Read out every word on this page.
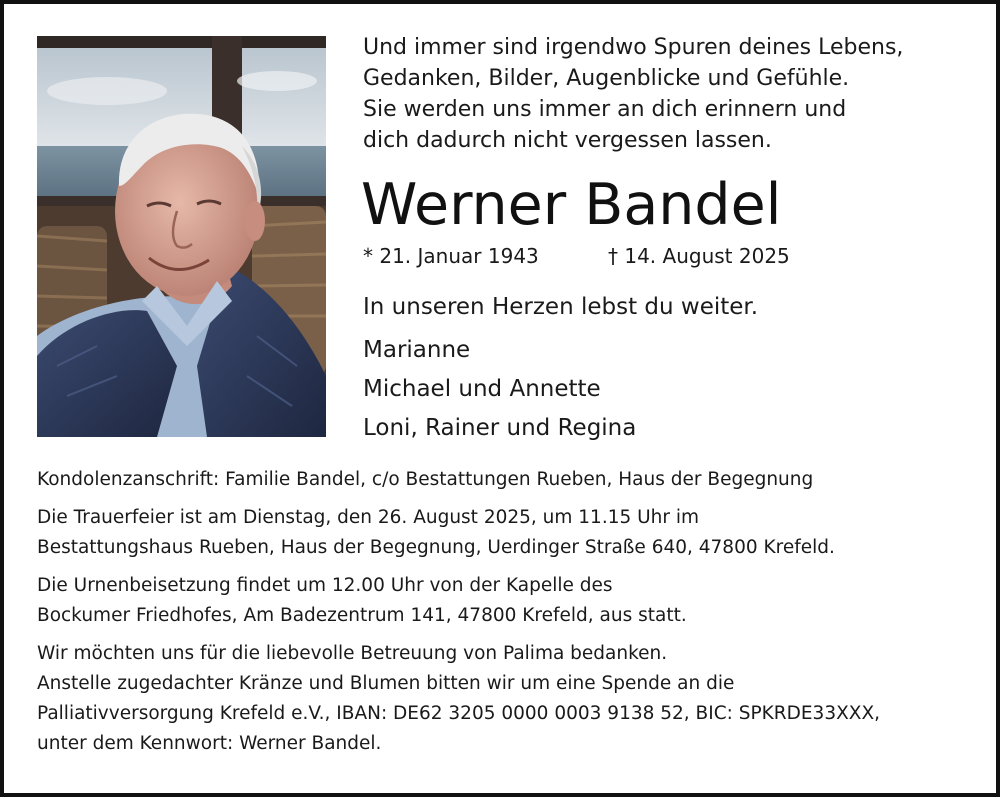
Und immer sind irgendwo Spuren deines Lebens,
Gedanken, Bilder, Augenblicke und Gefühle.
Sie werden uns immer an dich erinnern und
dich dadurch nicht vergessen lassen.
Werner Bandel
* 21. Januar 1943	† 14. August 2025
In unseren Herzen lebst du weiter.
Marianne
Michael und Annette
Loni, Rainer und Regina
Kondolenzanschrift: Familie Bandel, c/o Bestattungen Rueben, Haus der Begegnung
Die Trauerfeier ist am Dienstag, den 26. August 2025, um 11.15 Uhr im
Bestattungshaus Rueben, Haus der Begegnung, Uerdinger Straße 640, 47800 Krefeld.
Die Urnenbeisetzung findet um 12.00 Uhr von der Kapelle des
Bockumer Friedhofes, Am Badezentrum 141, 47800 Krefeld, aus statt.
Wir möchten uns für die liebevolle Betreuung von Palima bedanken.
Anstelle zugedachter Kränze und Blumen bitten wir um eine Spende an die
Palliativversorgung Krefeld e.V., IBAN: DE62 3205 0000 0003 9138 52, BIC: SPKRDE33XXX,
unter dem Kennwort: Werner Bandel.
